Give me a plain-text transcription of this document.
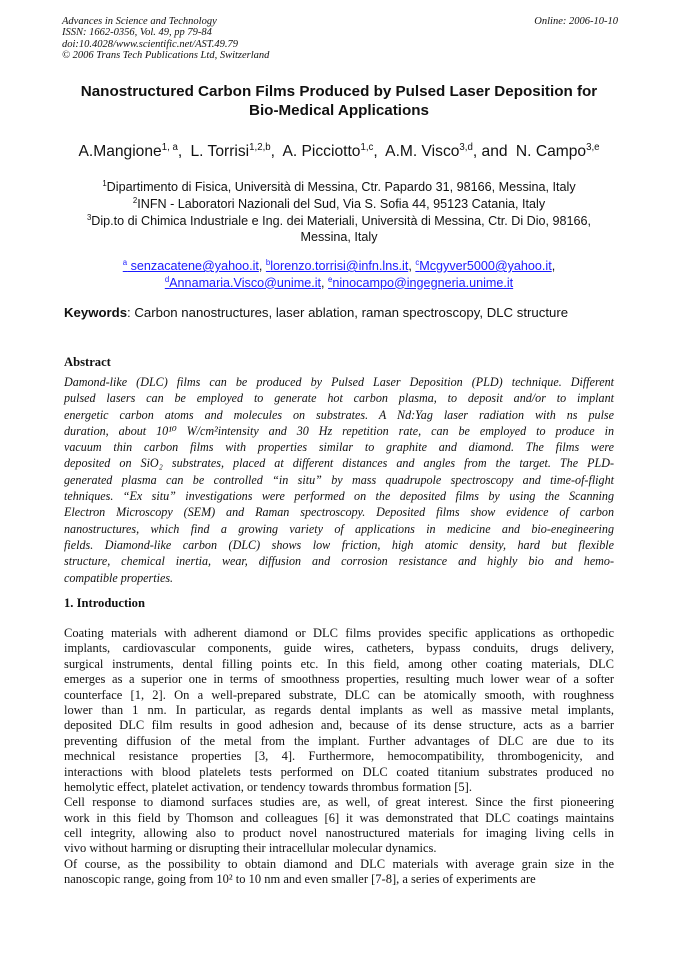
Advances in Science and Technology
ISSN: 1662-0356, Vol. 49, pp 79-84
doi:10.4028/www.scientific.net/AST.49.79
© 2006 Trans Tech Publications Ltd, Switzerland
Online: 2006-10-10
Nanostructured Carbon Films Produced by Pulsed Laser Deposition for
Bio-Medical Applications
A.Mangione$^{1, a}$, L. Torrisi$^{1,2,b}$, A. Picciotto$^{1,c}$, A.M. Visco$^{3,d}$, and N. Campo$^{3,e}$
$^1$Dipartimento di Fisica, Università di Messina, Ctr. Papardo 31, 98166, Messina, Italy
$^2$INFN - Laboratori Nazionali del Sud, Via S. Sofia 44, 95123 Catania, Italy
$^3$Dip.to di Chimica Industriale e Ing. dei Materiali, Università di Messina, Ctr. Di Dio, 98166,
Messina, Italy
$^a$ senzacatene@yahoo.it, $^b$lorenzo.torrisi@infn.lns.it, $^c$Mcgyver5000@yahoo.it,
$^d$Annamaria.Visco@unime.it, $^e$ninocampo@ingegneria.unime.it
Keywords: Carbon nanostructures, laser ablation, raman spectroscopy, DLC structure
Abstract
Damond-like (DLC) films can be produced by Pulsed Laser Deposition (PLD) technique. Different
pulsed lasers can be employed to generate hot carbon plasma, to deposit and/or to implant
energetic carbon atoms and molecules on substrates. A Nd:Yag laser radiation with ns pulse
duration, about 10¹⁰ W/cm²intensity and 30 Hz repetition rate, can be employed to produce in
vacuum thin carbon films with properties similar to graphite and diamond. The films were
deposited on SiO₂ substrates, placed at different distances and angles from the target. The PLD-
generated plasma can be controlled “in situ” by mass quadrupole spectroscopy and time-of-flight
tehniques. “Ex situ” investigations were performed on the deposited films by using the Scanning
Electron Microscopy (SEM) and Raman spectroscopy. Deposited films show evidence of carbon
nanostructures, which find a growing variety of applications in medicine and bio-enegineering
fields. Diamond-like carbon (DLC) shows low friction, high atomic density, hard but flexible
structure, chemical inertia, wear, diffusion and corrosion resistance and highly bio and hemo-
compatible properties.
1. Introduction
Coating materials with adherent diamond or DLC films provides specific applications as orthopedic
implants, cardiovascular components, guide wires, catheters, bypass conduits, drugs delivery,
surgical instruments, dental filling points etc. In this field, among other coating materials, DLC
emerges as a superior one in terms of smoothness properties, resulting much lower wear of a softer
counterface [1, 2]. On a well-prepared substrate, DLC can be atomically smooth, with roughness
lower than 1 nm. In particular, as regards dental implants as well as massive metal implants,
deposited DLC film results in good adhesion and, because of its dense structure, acts as a barrier
preventing diffusion of the metal from the implant. Further advantages of DLC are due to its
mechnical resistance properties [3, 4]. Furthermore, hemocompatibility, thrombogenicity, and
interactions with blood platelets tests performed on DLC coated titanium substrates produced no
hemolytic effect, platelet activation, or tendency towards thrombus formation [5].
Cell response to diamond surfaces studies are, as well, of great interest. Since the first pioneering
work in this field by Thomson and colleagues [6] it was demonstrated that DLC coatings maintains
cell integrity, allowing also to product novel nanostructured materials for imaging living cells in
vivo without harming or disrupting their intracellular molecular dynamics.
Of course, as the possibility to obtain diamond and DLC materials with average grain size in the
nanoscopic range, going from 10² to 10 nm and even smaller [7-8], a series of experiments are
